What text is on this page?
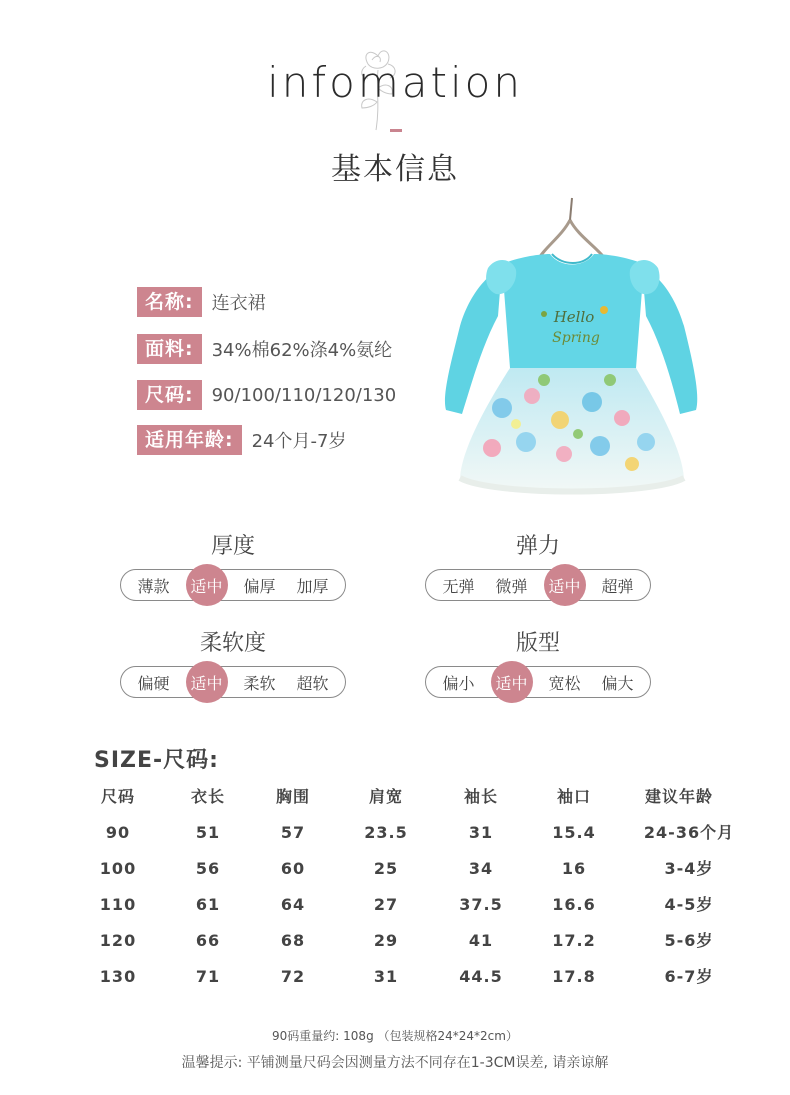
infomation
基本信息
名称:	连衣裙
面料:	34%棉62%涤4%氨纶
尺码:	90/100/110/120/130
适用年龄:	24个月-7岁
Hello
Spring
厚度
薄款	适中	偏厚	加厚
弹力
无弹	微弹	适中	超弹
柔软度
偏硬	适中	柔软	超软
版型
偏小	适中	宽松	偏大
SIZE-尺码:
尺码	衣长	胸围	肩宽	袖长	袖口	建议年龄
90	51	57	23.5	31	15.4	24-36个月
100	56	60	25	34	16	3-4岁
110	61	64	27	37.5	16.6	4-5岁
120	66	68	29	41	17.2	5-6岁
130	71	72	31	44.5	17.8	6-7岁
90码重量约: 108g （包装规格24*24*2cm）
温馨提示: 平铺测量尺码会因测量方法不同存在1-3CM误差, 请亲谅解
